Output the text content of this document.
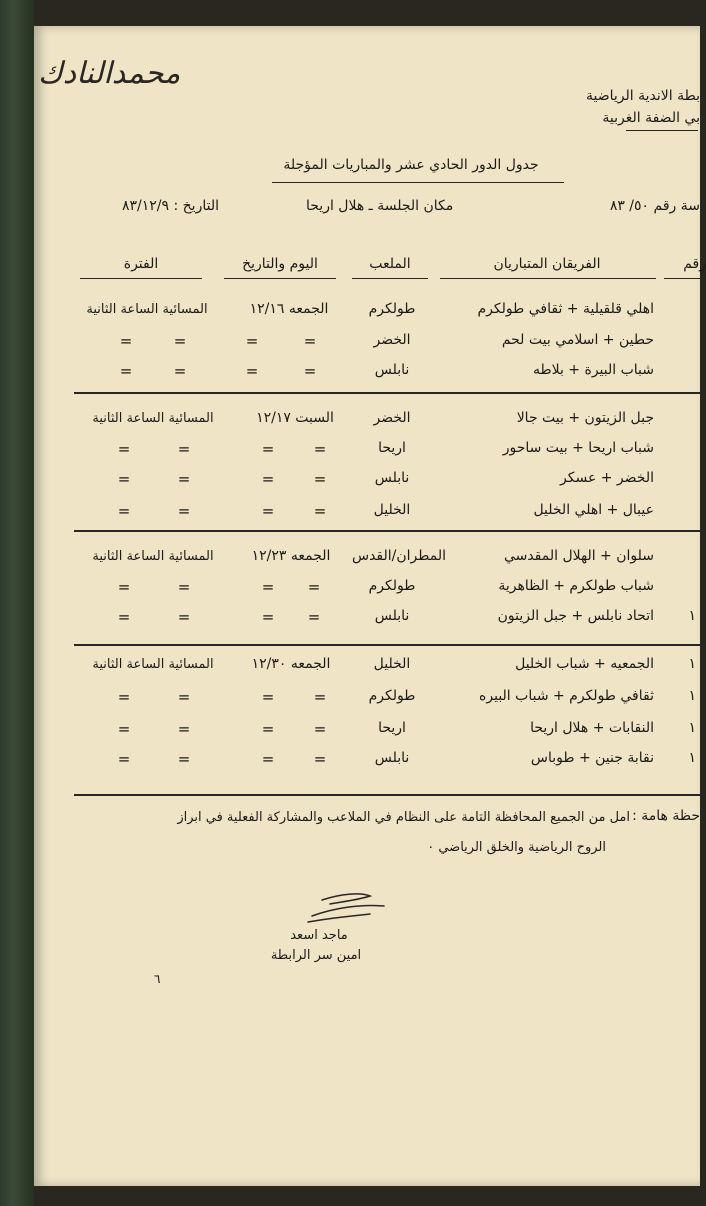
محمدالنادك
بطة الاندية الرياضية
بي الضفة الغربية
جدول الدور الحادي عشر والمباريات المؤجلة
سة رقم ٥٠/ ٨٣
مكان الجلسة ـ هلال اريحا
التاريخ : ٨٣/١٢/٩
رقم
الفريقان المتباريان
الملعب
اليوم والتاريخ
الفترة
اهلي قلقيلية + ثقافي طولكرم
طولكرم
الجمعه ١٢/١٦
المسائية الساعة الثانية
حطين + اسلامي بيت لحم
الخضر
=
=
=
=
شباب البيرة + بلاطه
نابلس
=
=
=
=
جبل الزيتون + بيت جالا
الخضر
السبت ١٢/١٧
المسائية الساعة الثانية
شباب اريحا + بيت ساحور
اريحا
=
=
=
=
الخضر + عسكر
نابلس
=
=
=
=
عيبال + اهلي الخليل
الخليل
=
=
=
=
سلوان + الهلال المقدسي
المطران/القدس
الجمعه ١٢/٢٣
المسائية الساعة الثانية
شباب طولكرم + الظاهرية
طولكرم
=
=
=
=
١
اتحاد نابلس + جبل الزيتون
نابلس
=
=
=
=
١
الجمعيه + شباب الخليل
الخليل
الجمعه ١٢/٣٠
المسائية الساعة الثانية
١
ثقافي طولكرم + شباب البيره
طولكرم
=
=
=
=
١
النقابات + هلال اريحا
اريحا
=
=
=
=
١
نقابة جنين + طوباس
نابلس
=
=
=
=
حظة هامة :
امل من الجميع المحافظة التامة على النظام في الملاعب والمشاركة الفعلية في ابراز
الروح الرياضية والخلق الرياضي ٠
ماجد اسعد
امين سر الرابطة
٦
